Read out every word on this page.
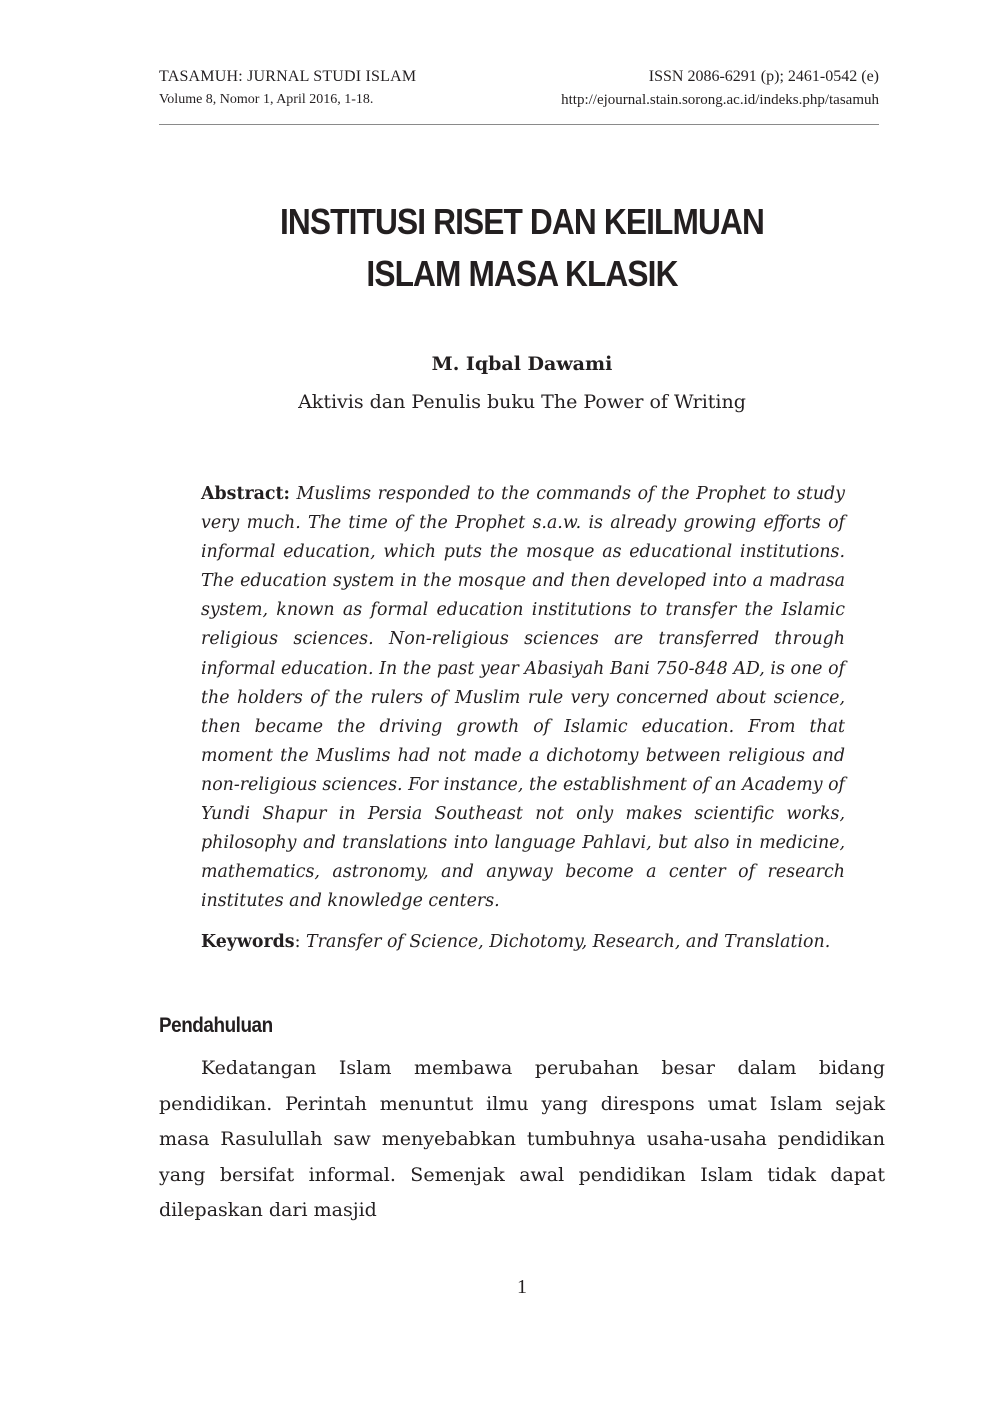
TASAMUH: JURNAL STUDI ISLAM
Volume 8, Nomor 1, April 2016, 1-18.
ISSN 2086-6291 (p); 2461-0542 (e)
http://ejournal.stain.sorong.ac.id/indeks.php/tasamuh
INSTITUSI RISET DAN KEILMUAN
ISLAM MASA KLASIK
M. Iqbal Dawami
Aktivis dan Penulis buku The Power of Writing
Abstract: Muslims responded to the commands of the Prophet to study very much. The time of the Prophet s.a.w. is already growing efforts of informal education, which puts the mosque as educational institutions. The education system in the mosque and then developed into a madrasa system, known as formal education institutions to transfer the Islamic religious sciences. Non-religious sciences are transferred through informal education. In the past year Abasiyah Bani 750-848 AD, is one of the holders of the rulers of Muslim rule very concerned about science, then became the driving growth of Islamic education. From that moment the Muslims had not made a dichotomy between religious and non-religious sciences. For instance, the establishment of an Academy of Yundi Shapur in Persia Southeast not only makes scientific works, philosophy and translations into language Pahlavi, but also in medicine, mathematics, astronomy, and anyway become a center of research institutes and knowledge centers.
Keywords: Transfer of Science, Dichotomy, Research, and Translation.
Pendahuluan

Kedatangan Islam membawa perubahan besar dalam bidang pendidikan. Perintah menuntut ilmu yang direspons umat Islam sejak masa Rasulullah saw menyebabkan tumbuhnya usaha-usaha pendidikan yang bersifat informal. Semenjak awal pendidikan Islam tidak dapat dilepaskan dari masjid

1
